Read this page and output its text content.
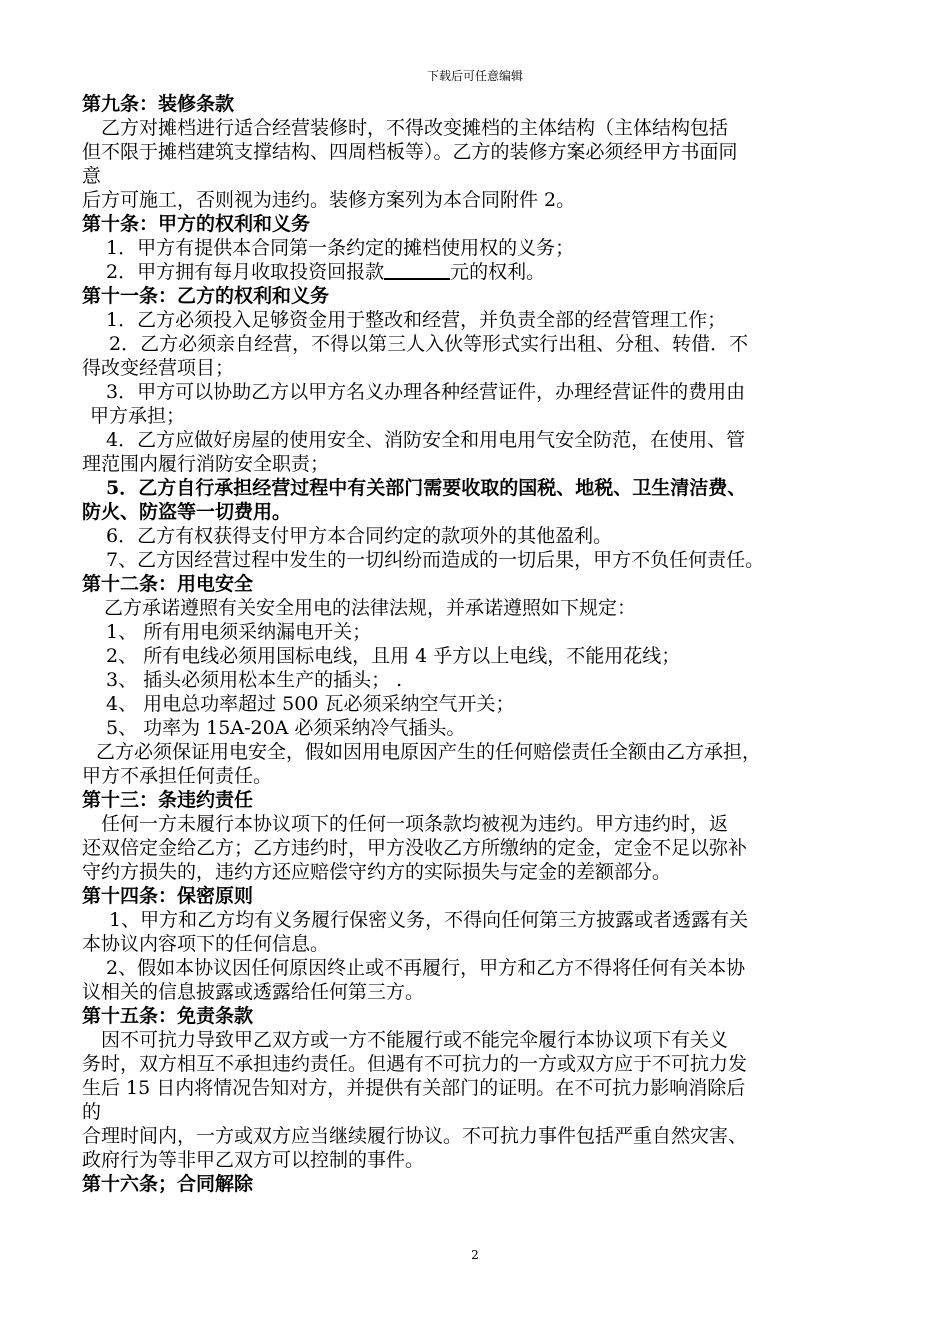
下载后可任意编辑
第九条：装修条款
乙方对摊档进行适合经营装修时，不得改变摊档的主体结构（主体结构包括
但不限于摊档建筑支撑结构、四周档板等）。乙方的装修方案必须经甲方书面同
意
后方可施工，否则视为违约。装修方案列为本合同附件 2。
第十条：甲方的权利和义务
1．甲方有提供本合同第一条约定的摊档使用权的义务；
2．甲方拥有每月收取投资回报款	元的权利。
第十一条：乙方的权利和义务
1．乙方必须投入足够资金用于整改和经营，并负责全部的经营管理工作；
2．乙方必须亲自经营，不得以第三人入伙等形式实行出租、分租、转借．不
得改变经营项目；
3．甲方可以协助乙方以甲方名义办理各种经营证件，办理经营证件的费用由
甲方承担；
4．乙方应做好房屋的使用安全、消防安全和用电用气安全防范，在使用、管
理范围内履行消防安全职责；
5．乙方自行承担经营过程中有关部门需要收取的国税、地税、卫生清洁费、
防火、防盗等一切费用。
6．乙方有权获得支付甲方本合同约定的款项外的其他盈利。
7、乙方因经营过程中发生的一切纠纷而造成的一切后果，甲方不负任何责任。
第十二条：用电安全
乙方承诺遵照有关安全用电的法律法规，并承诺遵照如下规定：
1、 所有用电须采纳漏电开关；
2、 所有电线必须用国标电线，且用 4 乎方以上电线，不能用花线；
3、 插头必须用松本生产的插头； .
4、 用电总功率超过 500 瓦必须采纳空气开关；
5、 功率为 15A-20A 必须采纳冷气插头。
乙方必须保证用电安全，假如因用电原因产生的任何赔偿责任全额由乙方承担，
甲方不承担任何责任。
第十三：条违约责任
任何一方未履行本协议项下的任何一项条款均被视为违约。甲方违约时，返
还双倍定金给乙方；乙方违约时，甲方没收乙方所缴纳的定金，定金不足以弥补
守约方损失的，违约方还应赔偿守约方的实际损失与定金的差额部分。
第十四条：保密原则
1、甲方和乙方均有义务履行保密义务，不得向任何第三方披露或者透露有关
本协议内容项下的任何信息。
2、假如本协议因任何原因终止或不再履行，甲方和乙方不得将任何有关本协
议相关的信息披露或透露给任何第三方。
第十五条：免责条款
因不可抗力导致甲乙双方或一方不能履行或不能完伞履行本协议项下有关义
务时，双方相互不承担违约责任。但遇有不可抗力的一方或双方应于不可抗力发
生后 15 日内将情况告知对方，并提供有关部门的证明。在不可抗力影响消除后
的
合理时间内，一方或双方应当继续履行协议。不可抗力事件包括严重自然灾害、
政府行为等非甲乙双方可以控制的事件。
第十六条；合同解除
2
